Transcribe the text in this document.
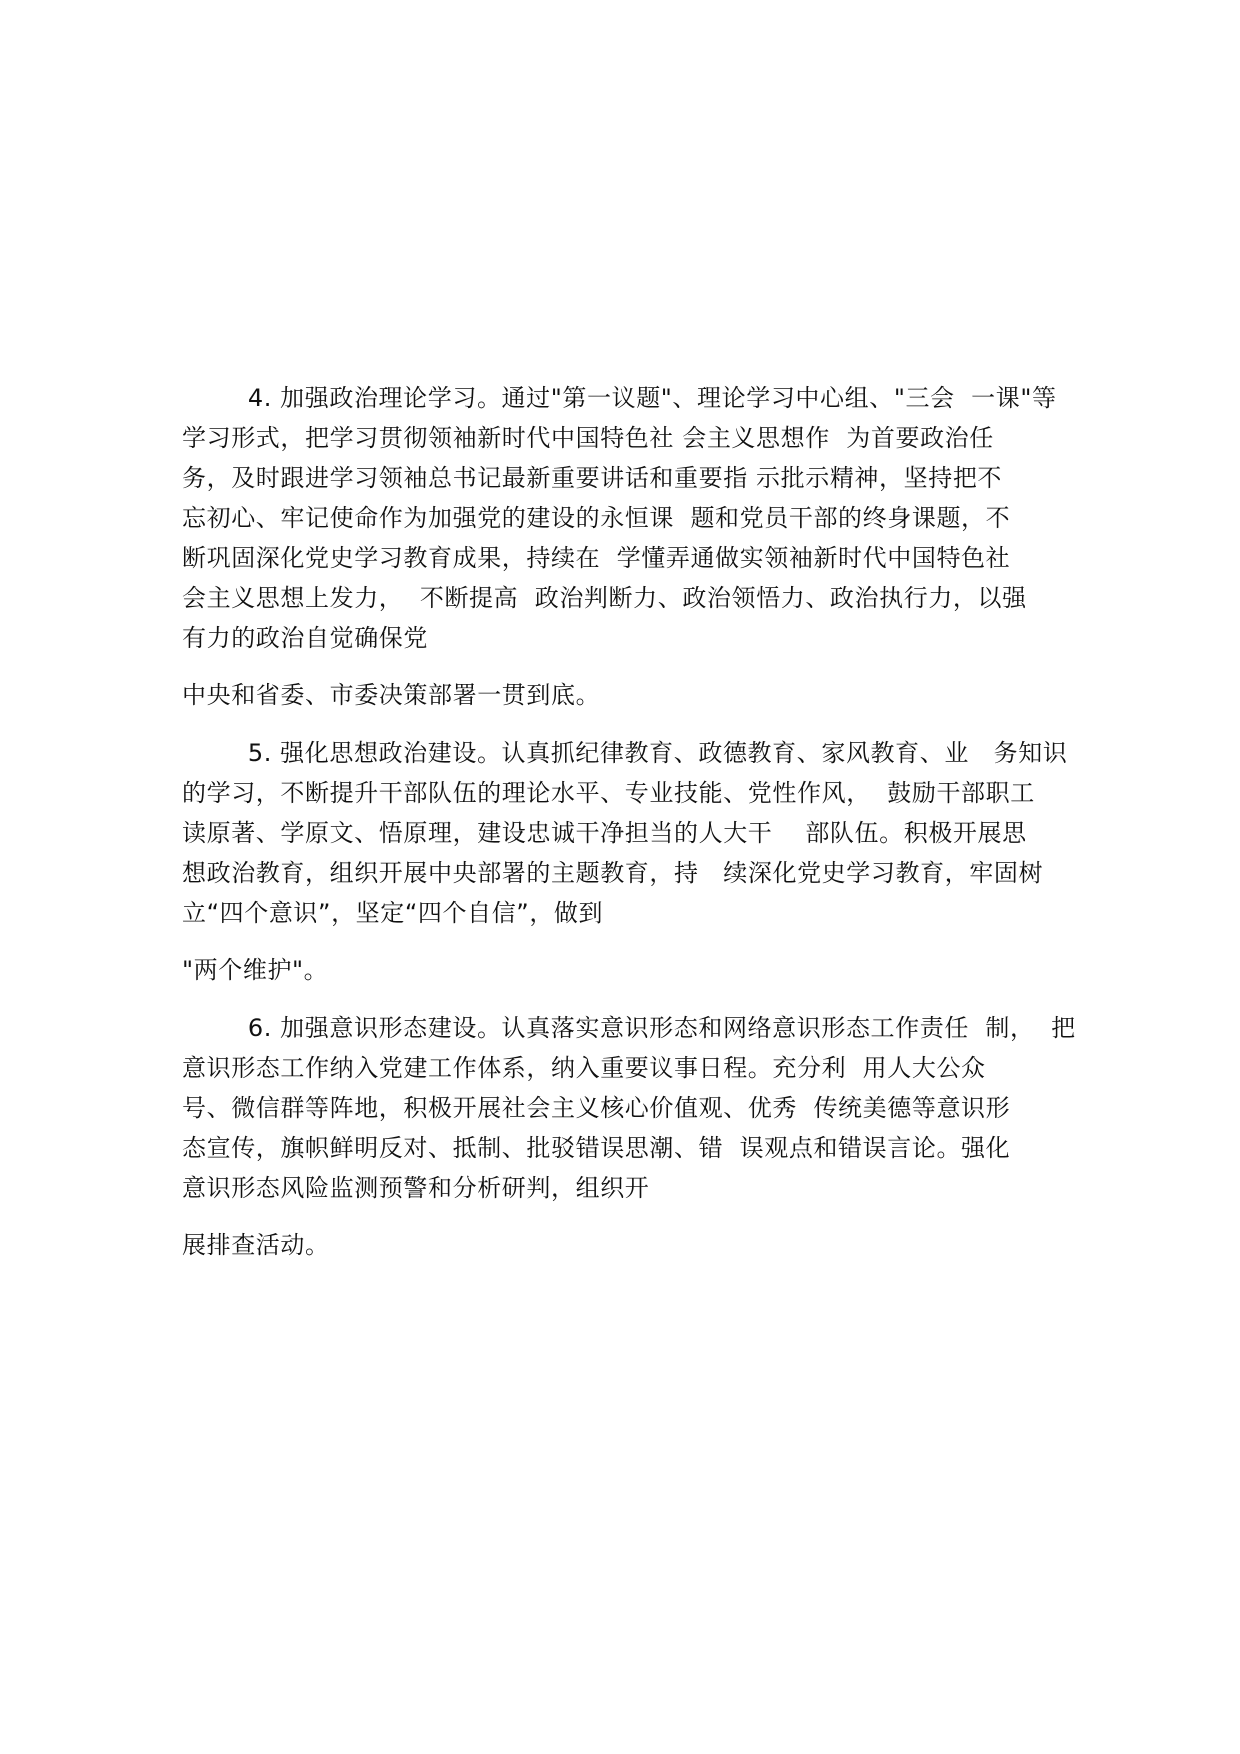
4. 加强政治理论学习。通过"第一议题"、理论学习中心组、"三会  一课"等
学习形式，把学习贯彻领袖新时代中国特色社 会主义思想作  为首要政治任
务，及时跟进学习领袖总书记最新重要讲话和重要指 示批示精神，坚持把不
忘初心、牢记使命作为加强党的建设的永恒课  题和党员干部的终身课题，不
断巩固深化党史学习教育成果，持续在  学懂弄通做实领袖新时代中国特色社
会主义思想上发力，  不断提高  政治判断力、政治领悟力、政治执行力，以强
有力的政治自觉确保党
中央和省委、市委决策部署一贯到底。
5. 强化思想政治建设。认真抓纪律教育、政德教育、家风教育、业   务知识
的学习，不断提升干部队伍的理论水平、专业技能、党性作风，  鼓励干部职工
读原著、学原文、悟原理，建设忠诚干净担当的人大干    部队伍。积极开展思
想政治教育，组织开展中央部署的主题教育，持   续深化党史学习教育，牢固树
立“四个意识”，坚定“四个自信”，做到
"两个维护"。
6. 加强意识形态建设。认真落实意识形态和网络意识形态工作责任  制，  把
意识形态工作纳入党建工作体系，纳入重要议事日程。充分利  用人大公众
号、微信群等阵地，积极开展社会主义核心价值观、优秀  传统美德等意识形
态宣传，旗帜鲜明反对、抵制、批驳错误思潮、错  误观点和错误言论。强化
意识形态风险监测预警和分析研判，组织开
展排查活动。
